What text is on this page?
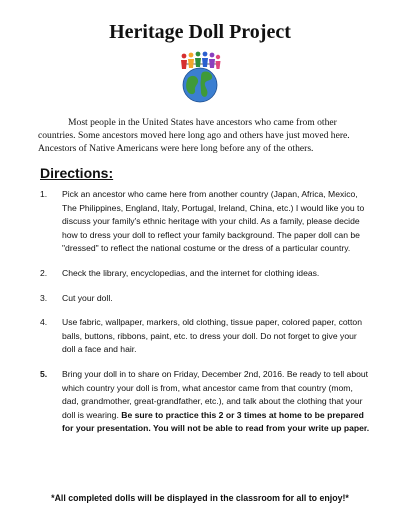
Heritage Doll Project
Most people in the United States have ancestors who came from other countries. Some ancestors moved here long ago and others have just moved here. Ancestors of Native Americans were here long before any of the others.
Directions:
1. Pick an ancestor who came here from another country (Japan, Africa, Mexico, The Philippines, England, Italy, Portugal, Ireland, China, etc.) I would like you to discuss your family's ethnic heritage with your child. As a family, please decide how to dress your doll to reflect your family background. The paper doll can be "dressed" to reflect the national costume or the dress of a particular country.
2. Check the library, encyclopedias, and the internet for clothing ideas.
3. Cut your doll.
4. Use fabric, wallpaper, markers, old clothing, tissue paper, colored paper, cotton balls, buttons, ribbons, paint, etc. to dress your doll. Do not forget to give your doll a face and hair.
5. Bring your doll in to share on Friday, December 2nd, 2016. Be ready to tell about which country your doll is from, what ancestor came from that country (mom, dad, grandmother, great-grandfather, etc.), and talk about the clothing that your doll is wearing. Be sure to practice this 2 or 3 times at home to be prepared for your presentation. You will not be able to read from your write up paper.
*All completed dolls will be displayed in the classroom for all to enjoy!*
